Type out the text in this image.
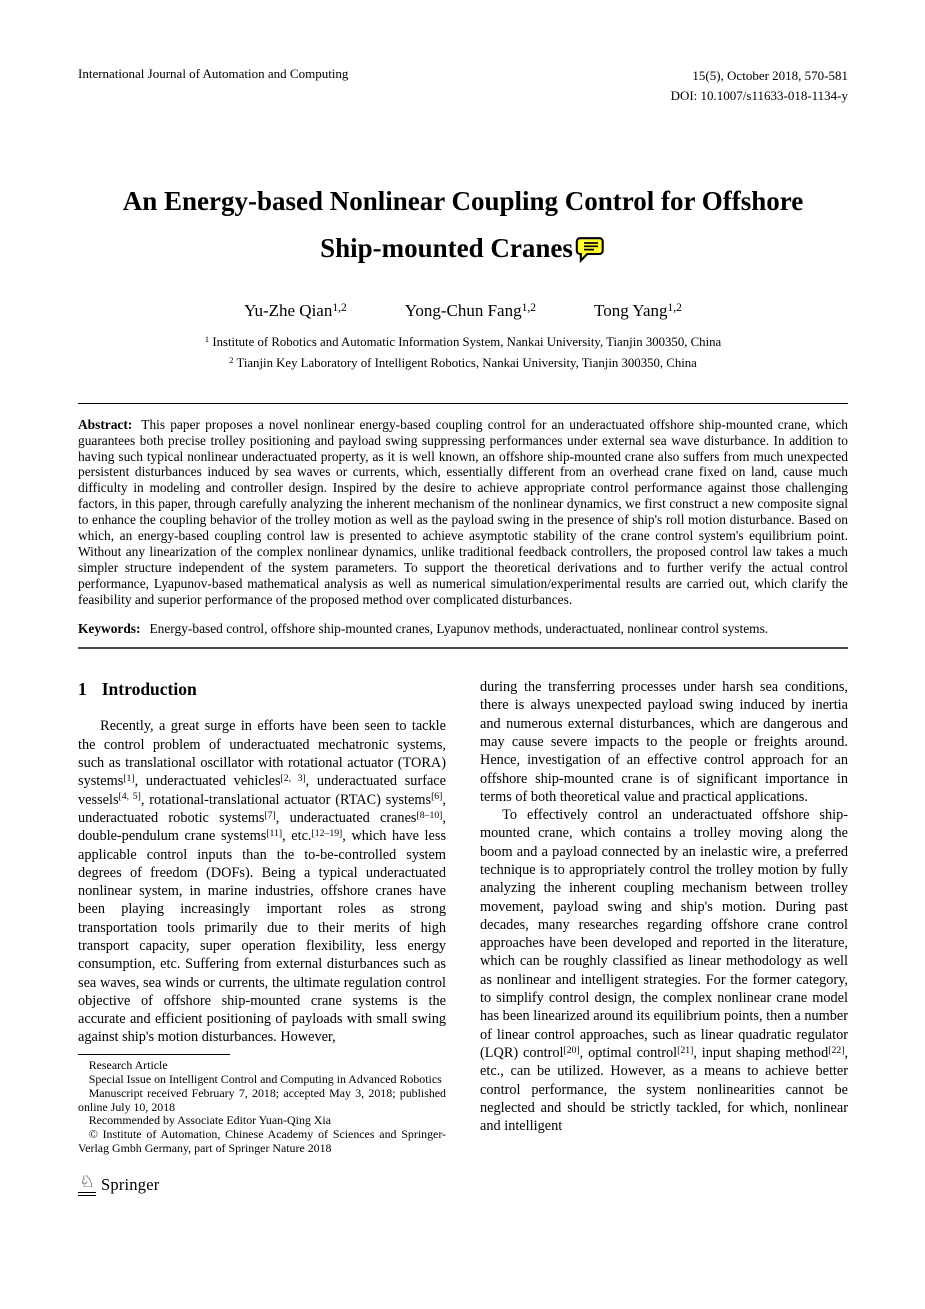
International Journal of Automation and Computing	15(5), October 2018, 570-581
DOI: 10.1007/s11633-018-1134-y
An Energy-based Nonlinear Coupling Control for Offshore
Ship-mounted Cranes
Yu-Zhe Qian$^{1,2}$	Yong-Chun Fang$^{1,2}$	Tong Yang$^{1,2}$
$^1$ Institute of Robotics and Automatic Information System, Nankai University, Tianjin 300350, China
$^2$ Tianjin Key Laboratory of Intelligent Robotics, Nankai University, Tianjin 300350, China
Abstract: This paper proposes a novel nonlinear energy-based coupling control for an underactuated offshore ship-mounted crane, which guarantees both precise trolley positioning and payload swing suppressing performances under external sea wave disturbance. In addition to having such typical nonlinear underactuated property, as it is well known, an offshore ship-mounted crane also suffers from much unexpected persistent disturbances induced by sea waves or currents, which, essentially different from an overhead crane fixed on land, cause much difficulty in modeling and controller design. Inspired by the desire to achieve appropriate control performance against those challenging factors, in this paper, through carefully analyzing the inherent mechanism of the nonlinear dynamics, we first construct a new composite signal to enhance the coupling behavior of the trolley motion as well as the payload swing in the presence of ship's roll motion disturbance. Based on which, an energy-based coupling control law is presented to achieve asymptotic stability of the crane control system's equilibrium point. Without any linearization of the complex nonlinear dynamics, unlike traditional feedback controllers, the proposed control law takes a much simpler structure independent of the system parameters. To support the theoretical derivations and to further verify the actual control performance, Lyapunov-based mathematical analysis as well as numerical simulation/experimental results are carried out, which clarify the feasibility and superior performance of the proposed method over complicated disturbances.
Keywords: Energy-based control, offshore ship-mounted cranes, Lyapunov methods, underactuated, nonlinear control systems.
1 Introduction

Recently, a great surge in efforts have been seen to tackle the control problem of underactuated mechatronic systems, such as translational oscillator with rotational actuator (TORA) systems[1], underactuated vehicles[2, 3], underactuated surface vessels[4, 5], rotational-translational actuator (RTAC) systems[6], underactuated robotic systems[7], underactuated cranes[8–10], double-pendulum crane systems[11], etc.[12–19], which have less applicable control inputs than the to-be-controlled system degrees of freedom (DOFs). Being a typical underactuated nonlinear system, in marine industries, offshore cranes have been playing increasingly important roles as strong transportation tools primarily due to their merits of high transport capacity, super operation flexibility, less energy consumption, etc. Suffering from external disturbances such as sea waves, sea winds or currents, the ultimate regulation control objective of offshore ship-mounted crane systems is the accurate and efficient positioning of payloads with small swing against ship's motion disturbances. However,

Research Article

Special Issue on Intelligent Control and Computing in Advanced Robotics

Manuscript received February 7, 2018; accepted May 3, 2018; published online July 10, 2018

Recommended by Associate Editor Yuan-Qing Xia

© Institute of Automation, Chinese Academy of Sciences and Springer-Verlag Gmbh Germany, part of Springer Nature 2018

during the transferring processes under harsh sea conditions, there is always unexpected payload swing induced by inertia and numerous external disturbances, which are dangerous and may cause severe impacts to the people or freights around. Hence, investigation of an effective control approach for an offshore ship-mounted crane is of significant importance in terms of both theoretical value and practical applications.

To effectively control an underactuated offshore ship-mounted crane, which contains a trolley moving along the boom and a payload connected by an inelastic wire, a preferred technique is to appropriately control the trolley motion by fully analyzing the inherent coupling mechanism between trolley movement, payload swing and ship's motion. During past decades, many researches regarding offshore crane control approaches have been developed and reported in the literature, which can be roughly classified as linear methodology as well as nonlinear and intelligent strategies. For the former category, to simplify control design, the complex nonlinear crane model has been linearized around its equilibrium points, then a number of linear control approaches, such as linear quadratic regulator (LQR) control[20], optimal control[21], input shaping method[22], etc., can be utilized. However, as a means to achieve better control performance, the system nonlinearities cannot be neglected and should be strictly tackled, for which, nonlinear and intelligent

♘ Springer
